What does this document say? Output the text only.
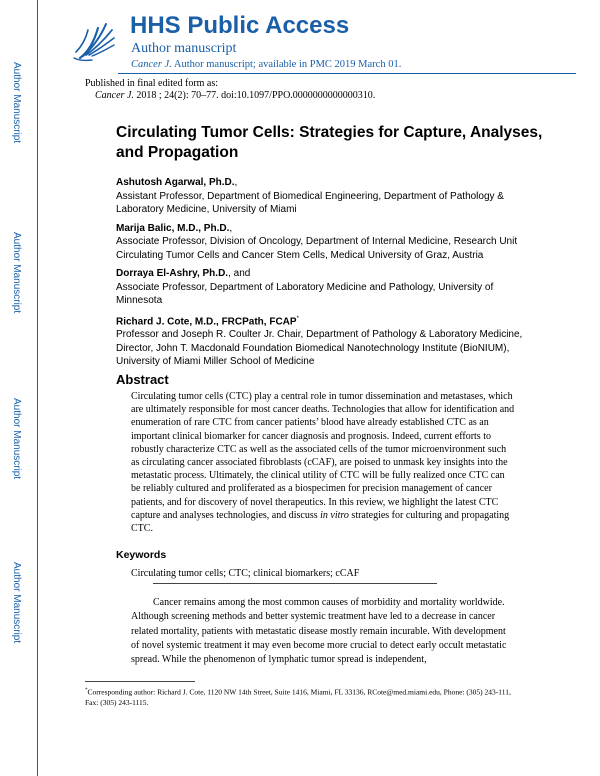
Author Manuscript
Author Manuscript
Author Manuscript
Author Manuscript
HHS Public Access
Author manuscript
Cancer J. Author manuscript; available in PMC 2019 March 01.
Published in final edited form as:
Cancer J. 2018 ; 24(2): 70–77. doi:10.1097/PPO.0000000000000310.
Circulating Tumor Cells: Strategies for Capture, Analyses, and Propagation
Ashutosh Agarwal, Ph.D.,
Assistant Professor, Department of Biomedical Engineering, Department of Pathology & Laboratory Medicine, University of Miami
Marija Balic, M.D., Ph.D.,
Associate Professor, Division of Oncology, Department of Internal Medicine, Research Unit Circulating Tumor Cells and Cancer Stem Cells, Medical University of Graz, Austria
Dorraya El-Ashry, Ph.D., and
Associate Professor, Department of Laboratory Medicine and Pathology, University of Minnesota
Richard J. Cote, M.D., FRCPath, FCAP*
Professor and Joseph R. Coulter Jr. Chair, Department of Pathology & Laboratory Medicine, Director, John T. Macdonald Foundation Biomedical Nanotechnology Institute (BioNIUM), University of Miami Miller School of Medicine
Abstract

Circulating tumor cells (CTC) play a central role in tumor dissemination and metastases, which are ultimately responsible for most cancer deaths. Technologies that allow for identification and enumeration of rare CTC from cancer patients’ blood have already established CTC as an important clinical biomarker for cancer diagnosis and prognosis. Indeed, current efforts to robustly characterize CTC as well as the associated cells of the tumor microenvironment such as circulating cancer associated fibroblasts (cCAF), are poised to unmask key insights into the metastatic process. Ultimately, the clinical utility of CTC will be fully realized once CTC can be reliably cultured and proliferated as a biospecimen for precision management of cancer patients, and for discovery of novel therapeutics. In this review, we highlight the latest CTC capture and analyses technologies, and discuss in vitro strategies for culturing and propagating CTC.

Keywords
Circulating tumor cells; CTC; clinical biomarkers; cCAF

Cancer remains among the most common causes of morbidity and mortality worldwide. Although screening methods and better systemic treatment have led to a decrease in cancer related mortality, patients with metastatic disease mostly remain incurable. With development of novel systemic treatment it may even become more crucial to detect early occult metastatic spread. While the phenomenon of lymphatic tumor spread is independent,

*Corresponding author: Richard J. Cote, 1120 NW 14th Street, Suite 1416, Miami, FL 33136, RCote@med.miami.edu, Phone: (305) 243-111, Fax: (305) 243-1115.
